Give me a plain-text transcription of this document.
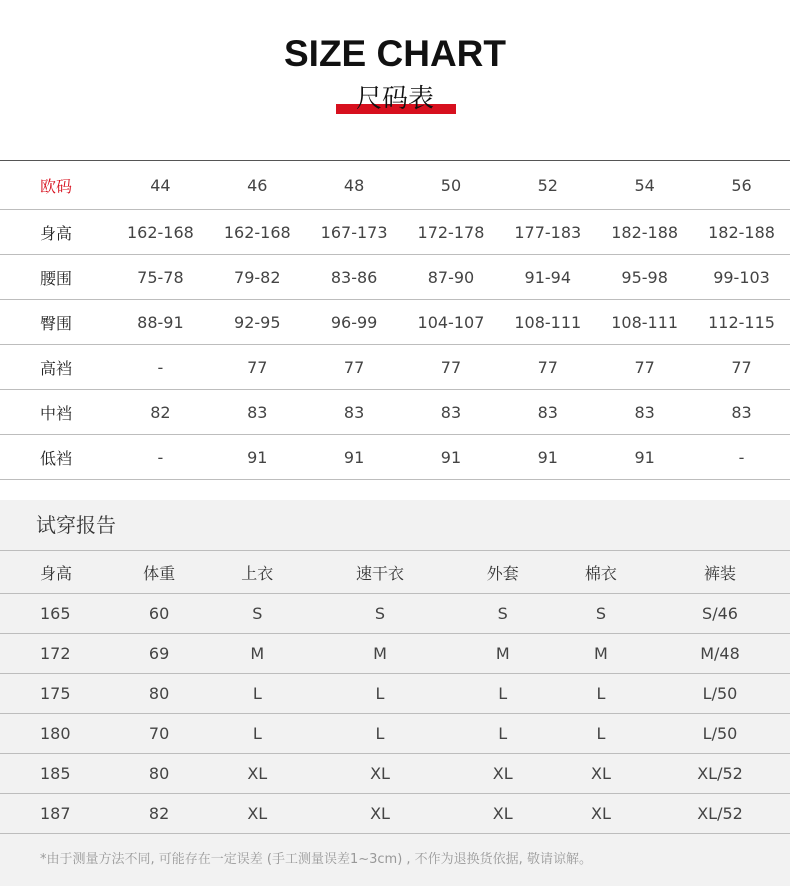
SIZE CHART
尺码表
欧码	44	46	48	50	52	54	56
身高	162-168	162-168	167-173	172-178	177-183	182-188	182-188
腰围	75-78	79-82	83-86	87-90	91-94	95-98	99-103
臀围	88-91	92-95	96-99	104-107	108-111	108-111	112-115
高裆	-	77	77	77	77	77	77
中裆	82	83	83	83	83	83	83
低裆	-	91	91	91	91	91	-
试穿报告
身高	体重	上衣	速干衣	外套	棉衣	裤装
165	60	S	S	S	S	S/46
172	69	M	M	M	M	M/48
175	80	L	L	L	L	L/50
180	70	L	L	L	L	L/50
185	80	XL	XL	XL	XL	XL/52
187	82	XL	XL	XL	XL	XL/52
*由于测量方法不同, 可能存在一定误差 (手工测量误差1~3cm) , 不作为退换货依据, 敬请谅解。
